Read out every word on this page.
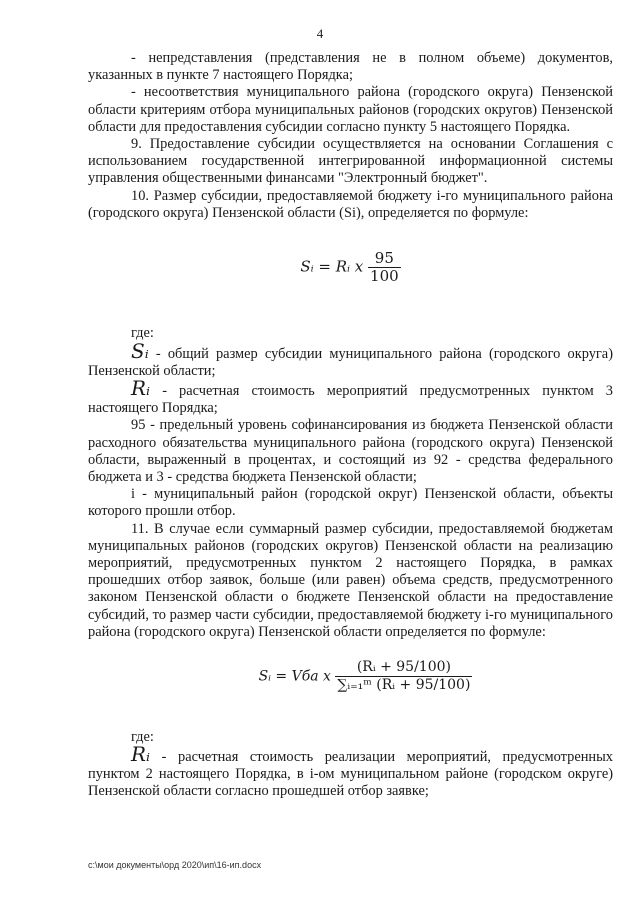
4

- непредставления (представления не в полном объеме) документов, указанных в пункте 7 настоящего Порядка;

- несоответствия муниципального района (городского округа) Пензенской области критериям отбора муниципальных районов (городских округов) Пензенской области для предоставления субсидии согласно пункту 5 настоящего Порядка.

9. Предоставление субсидии осуществляется на основании Соглашения с использованием государственной интегрированной информационной системы управления общественными финансами "Электронный бюджет".

10. Размер субсидии, предоставляемой бюджету i-го муниципального района (городского округа) Пензенской области (Si), определяется по формуле:

Sᵢ = Rᵢ x $\frac{95}{100}$

где:

Sᵢ - общий размер субсидии муниципального района (городского округа) Пензенской области;

Rᵢ - расчетная стоимость мероприятий предусмотренных пунктом 3 настоящего Порядка;

95 - предельный уровень софинансирования из бюджета Пензенской области расходного обязательства муниципального района (городского округа) Пензенской области, выраженный в процентах, и состоящий из 92 - средства федерального бюджета и 3 - средства бюджета Пензенской области;

i - муниципальный район (городской округ) Пензенской области, объекты которого прошли отбор.

11. В случае если суммарный размер субсидии, предоставляемой бюджетам муниципальных районов (городских округов) Пензенской области на реализацию мероприятий, предусмотренных пунктом 2 настоящего Порядка, в рамках прошедших отбор заявок, больше (или равен) объема средств, предусмотренного законом Пензенской области о бюджете Пензенской области на предоставление субсидий, то размер части субсидии, предоставляемой бюджету i-го муниципального района (городского округа) Пензенской области определяется по формуле:

Sᵢ = Vба x $\frac{\text{(Rᵢ + 95/100)}}{\text{∑ᵢ₌₁ᵐ (Rᵢ + 95/100)}}$

где:

Rᵢ - расчетная стоимость реализации мероприятий, предусмотренных пунктом 2 настоящего Порядка, в i-ом муниципальном районе (городском округе) Пензенской области согласно прошедшей отбор заявке;

c:\мои документы\орд 2020\ип\16-ип.docx
